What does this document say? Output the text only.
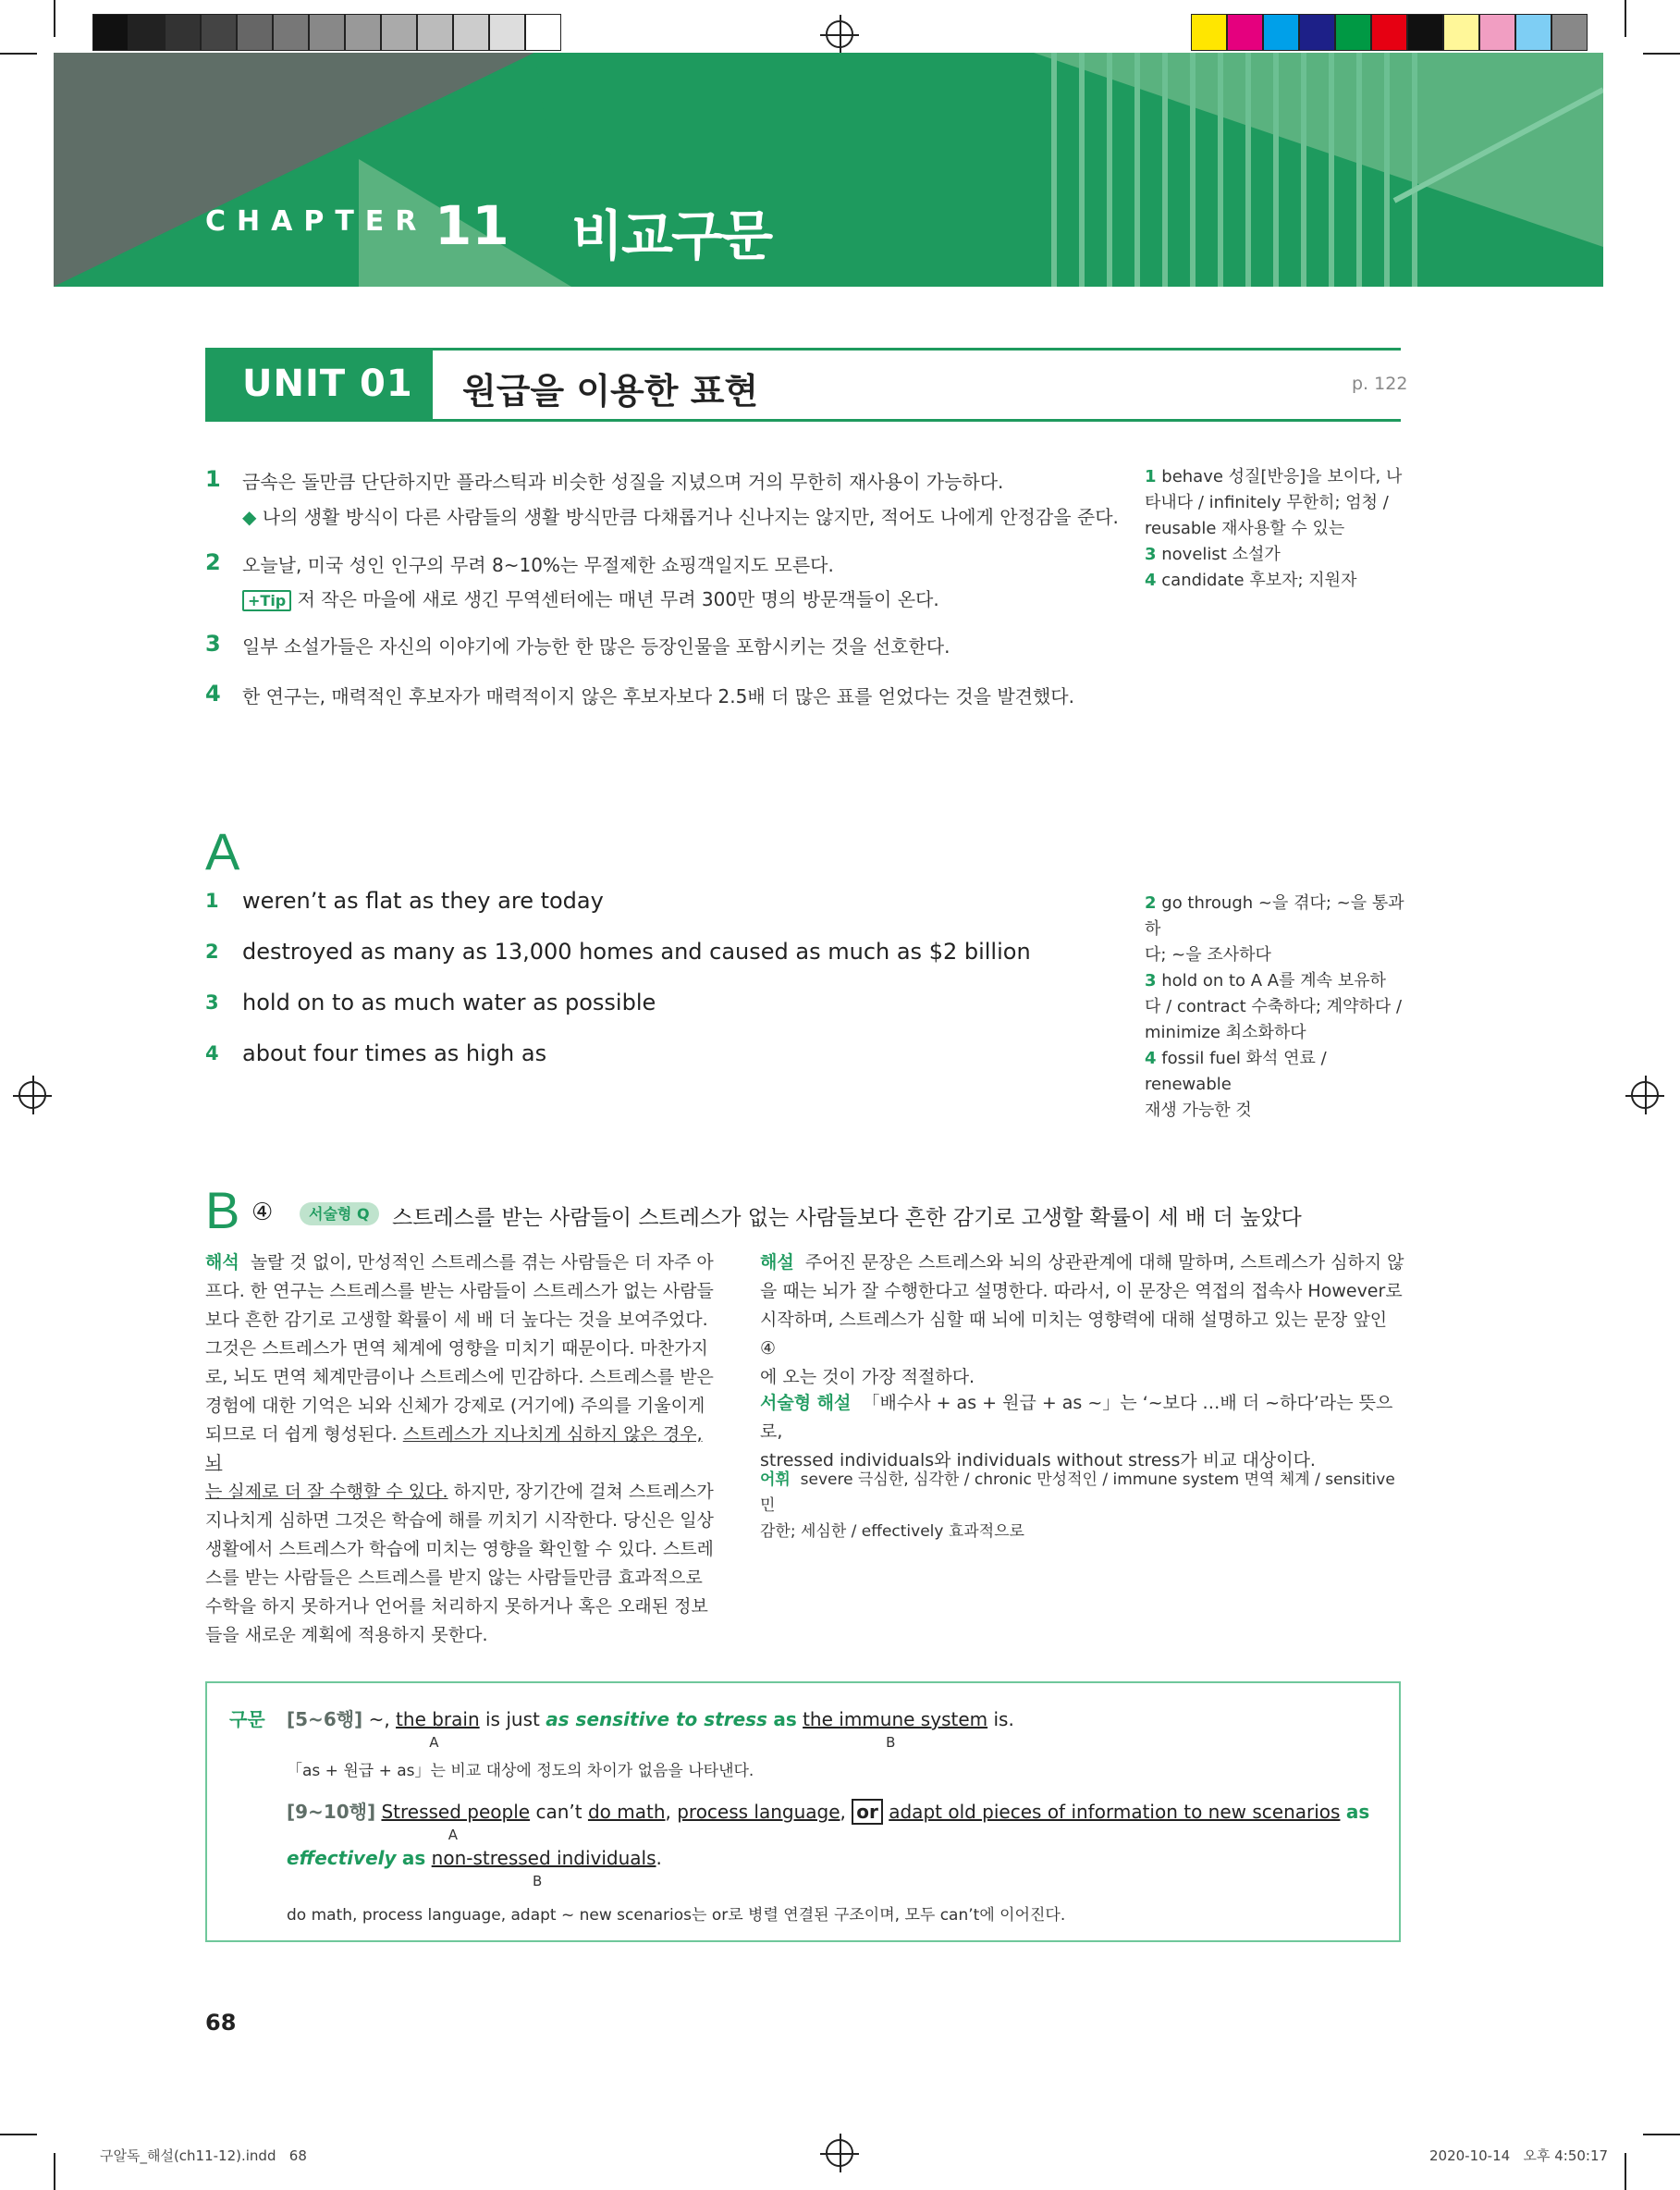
CHAPTER 11 비교구문
UNIT 01 원급을 이용한 표현	p. 122
1 금속은 돌만큼 단단하지만 플라스틱과 비슷한 성질을 지녔으며 거의 무한히 재사용이 가능하다.
◆ 나의 생활 방식이 다른 사람들의 생활 방식만큼 다채롭거나 신나지는 않지만, 적어도 나에게 안정감을 준다.
2 오늘날, 미국 성인 인구의 무려 8~10%는 무절제한 쇼핑객일지도 모른다.
+Tip 저 작은 마을에 새로 생긴 무역센터에는 매년 무려 300만 명의 방문객들이 온다.
3 일부 소설가들은 자신의 이야기에 가능한 한 많은 등장인물을 포함시키는 것을 선호한다.
4 한 연구는, 매력적인 후보자가 매력적이지 않은 후보자보다 2.5배 더 많은 표를 얻었다는 것을 발견했다.
1 behave 성질[반응]을 보이다, 나
타내다 / infinitely 무한히; 엄청 /
reusable 재사용할 수 있는
3 novelist 소설가
4 candidate 후보자; 지원자
A
1 weren’t as flat as they are today
2 destroyed as many as 13,000 homes and caused as much as $2 billion
3 hold on to as much water as possible
4 about four times as high as
2 go through ~을 겪다; ~을 통과하
다; ~을 조사하다
3 hold on to A A를 계속 보유하
다 / contract 수축하다; 계약하다 /
minimize 최소화하다
4 fossil fuel 화석 연료 / renewable
재생 가능한 것
B ④	서술형 Q	스트레스를 받는 사람들이 스트레스가 없는 사람들보다 흔한 감기로 고생할 확률이 세 배 더 높았다
해석 놀랄 것 없이, 만성적인 스트레스를 겪는 사람들은 더 자주 아
프다. 한 연구는 스트레스를 받는 사람들이 스트레스가 없는 사람들
보다 흔한 감기로 고생할 확률이 세 배 더 높다는 것을 보여주었다.
그것은 스트레스가 면역 체계에 영향을 미치기 때문이다. 마찬가지
로, 뇌도 면역 체계만큼이나 스트레스에 민감하다. 스트레스를 받은
경험에 대한 기억은 뇌와 신체가 강제로 (거기에) 주의를 기울이게
되므로 더 쉽게 형성된다. 스트레스가 지나치게 심하지 않은 경우, 뇌
는 실제로 더 잘 수행할 수 있다. 하지만, 장기간에 걸쳐 스트레스가
지나치게 심하면 그것은 학습에 해를 끼치기 시작한다. 당신은 일상
생활에서 스트레스가 학습에 미치는 영향을 확인할 수 있다. 스트레
스를 받는 사람들은 스트레스를 받지 않는 사람들만큼 효과적으로
수학을 하지 못하거나 언어를 처리하지 못하거나 혹은 오래된 정보
들을 새로운 계획에 적용하지 못한다.
해설 주어진 문장은 스트레스와 뇌의 상관관계에 대해 말하며, 스트레스가 심하지 않
을 때는 뇌가 잘 수행한다고 설명한다. 따라서, 이 문장은 역접의 접속사 However로
시작하며, 스트레스가 심할 때 뇌에 미치는 영향력에 대해 설명하고 있는 문장 앞인 ④
에 오는 것이 가장 적절하다.
서술형 해설 「배수사 + as + 원급 + as ~」는 ‘~보다 …배 더 ~하다’라는 뜻으로,
stressed individuals와 individuals without stress가 비교 대상이다.
어휘 severe 극심한, 심각한 / chronic 만성적인 / immune system 면역 체계 / sensitive 민
감한; 세심한 / effectively 효과적으로
구문 [5~6행] ~, the brain
A
is just as sensitive to stress as the immune system
B
is.
「as + 원급 + as」는 비교 대상에 정도의 차이가 없음을 나타낸다.
[9~10행] Stressed people
A
can’t do math, process language, or adapt old pieces of information to new scenarios as
effectively as non-stressed individuals
B
.
do math, process language, adapt ~ new scenarios는 or로 병렬 연결된 구조이며, 모두 can’t에 이어진다.
68
구알독_해설(ch11-12).indd   68	2020-10-14   오후 4:50:17
